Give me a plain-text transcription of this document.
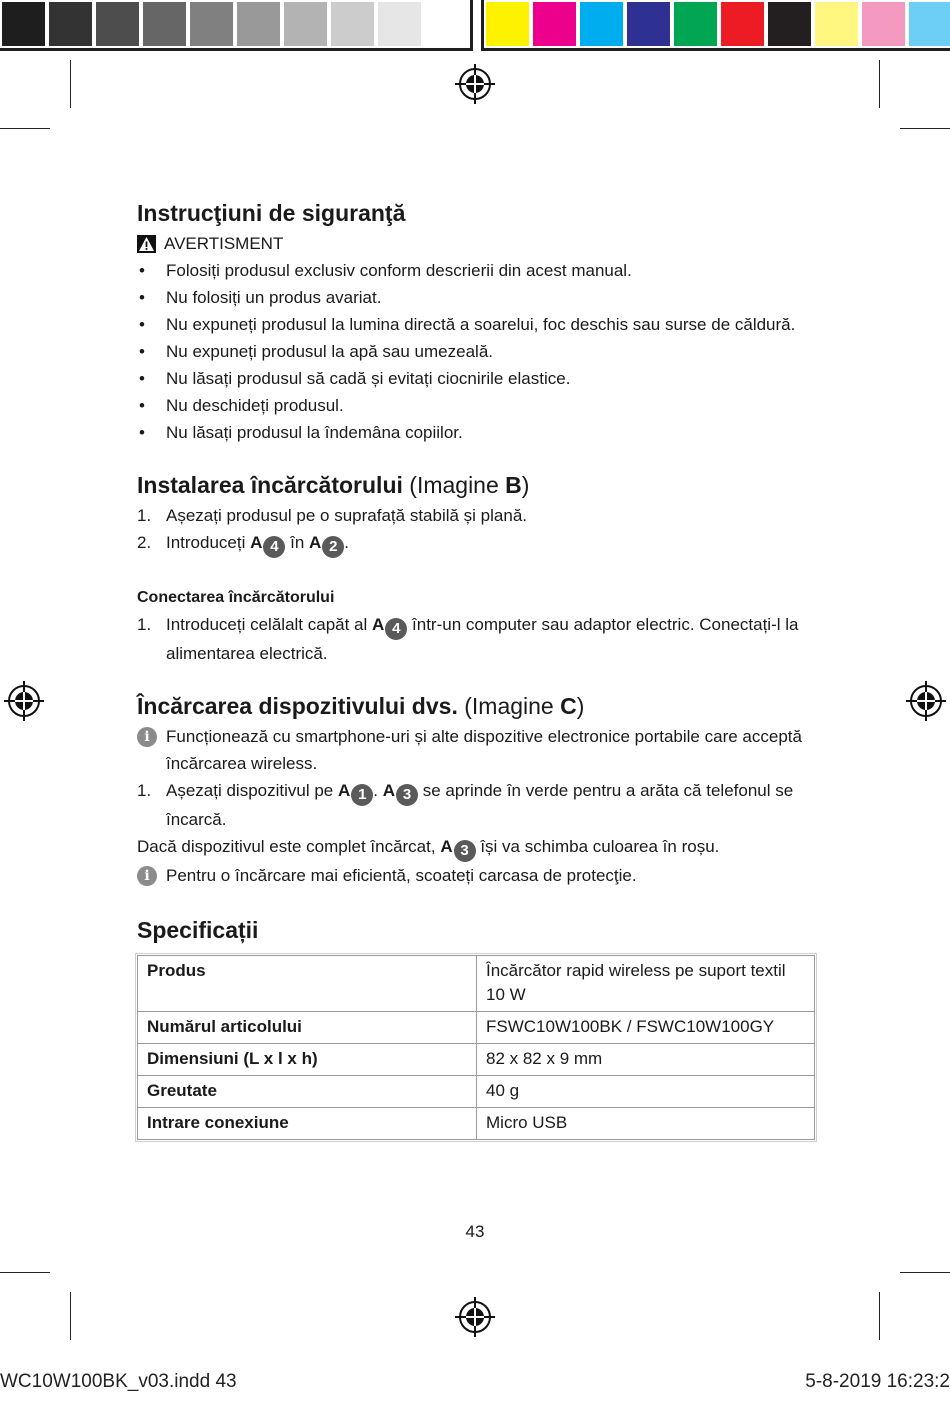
Instrucţiuni de siguranţă
AVERTISMENT
• Folosiți produsul exclusiv conform descrierii din acest manual.
• Nu folosiți un produs avariat.
• Nu expuneți produsul la lumina directă a soarelui, foc deschis sau surse de căldură.
• Nu expuneți produsul la apă sau umezeală.
• Nu lăsați produsul să cadă și evitați ciocnirile elastice.
• Nu deschideți produsul.
• Nu lăsați produsul la îndemâna copiilor.
Instalarea încărcătorului (Imagine B)
1. Așezați produsul pe o suprafață stabilă și plană.
2. Introduceți A 4 în A 2 .
Conectarea încărcătorului
1. Introduceți celălalt capăt al A 4 într-un computer sau adaptor electric. Conectați-l la alimentarea electrică.
Încărcarea dispozitivului dvs. (Imagine C)
i Funcționează cu smartphone-uri și alte dispozitive electronice portabile care acceptă încărcarea wireless.
1. Așezați dispozitivul pe A 1 . A 3 se aprinde în verde pentru a arăta că telefonul se încarcă.
Dacă dispozitivul este complet încărcat, A 3 își va schimba culoarea în roșu.
i Pentru o încărcare mai eficientă, scoateți carcasa de protecţie.
Specificații
Produs	Încărcător rapid wireless pe suport textil 10 W
Numărul articolului	FSWC10W100BK / FSWC10W100GY
Dimensiuni (L x l x h)	82 x 82 x 9 mm
Greutate	40 g
Intrare conexiune	Micro USB
43
WC10W100BK_v03.indd 43	5-8-2019 16:23:2
